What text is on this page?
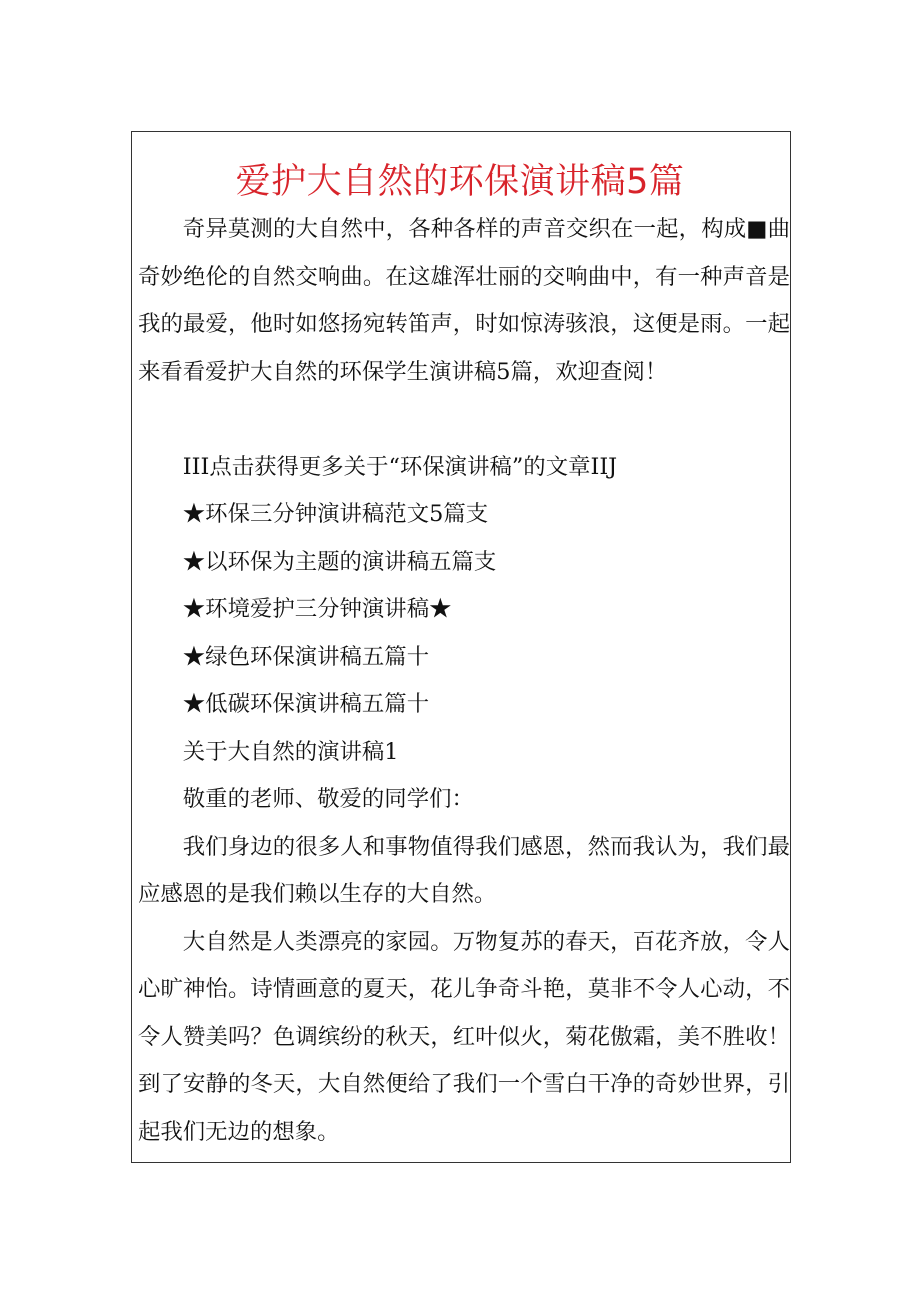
爱护大自然的环保演讲稿5篇

奇异莫测的大自然中，各种各样的声音交织在一起，构成■曲奇妙绝伦的自然交响曲。在这雄浑壮丽的交响曲中，有一种声音是我的最爱，他时如悠扬宛转笛声，时如惊涛骇浪，这便是雨。一起来看看爱护大自然的环保学生演讲稿5篇，欢迎查阅！

III点击获得更多关于“环保演讲稿”的文章IIJ

★环保三分钟演讲稿范文5篇支

★以环保为主题的演讲稿五篇支

★环境爱护三分钟演讲稿★

★绿色环保演讲稿五篇十

★低碳环保演讲稿五篇十

关于大自然的演讲稿1

敬重的老师、敬爱的同学们：

我们身边的很多人和事物值得我们感恩，然而我认为，我们最应感恩的是我们赖以生存的大自然。

大自然是人类漂亮的家园。万物复苏的春天，百花齐放，令人心旷神怡。诗情画意的夏天，花儿争奇斗艳，莫非不令人心动，不令人赞美吗？色调缤纷的秋天，红叶似火，菊花傲霜，美不胜收！到了安静的冬天，大自然便给了我们一个雪白干净的奇妙世界，引起我们无边的想象。
